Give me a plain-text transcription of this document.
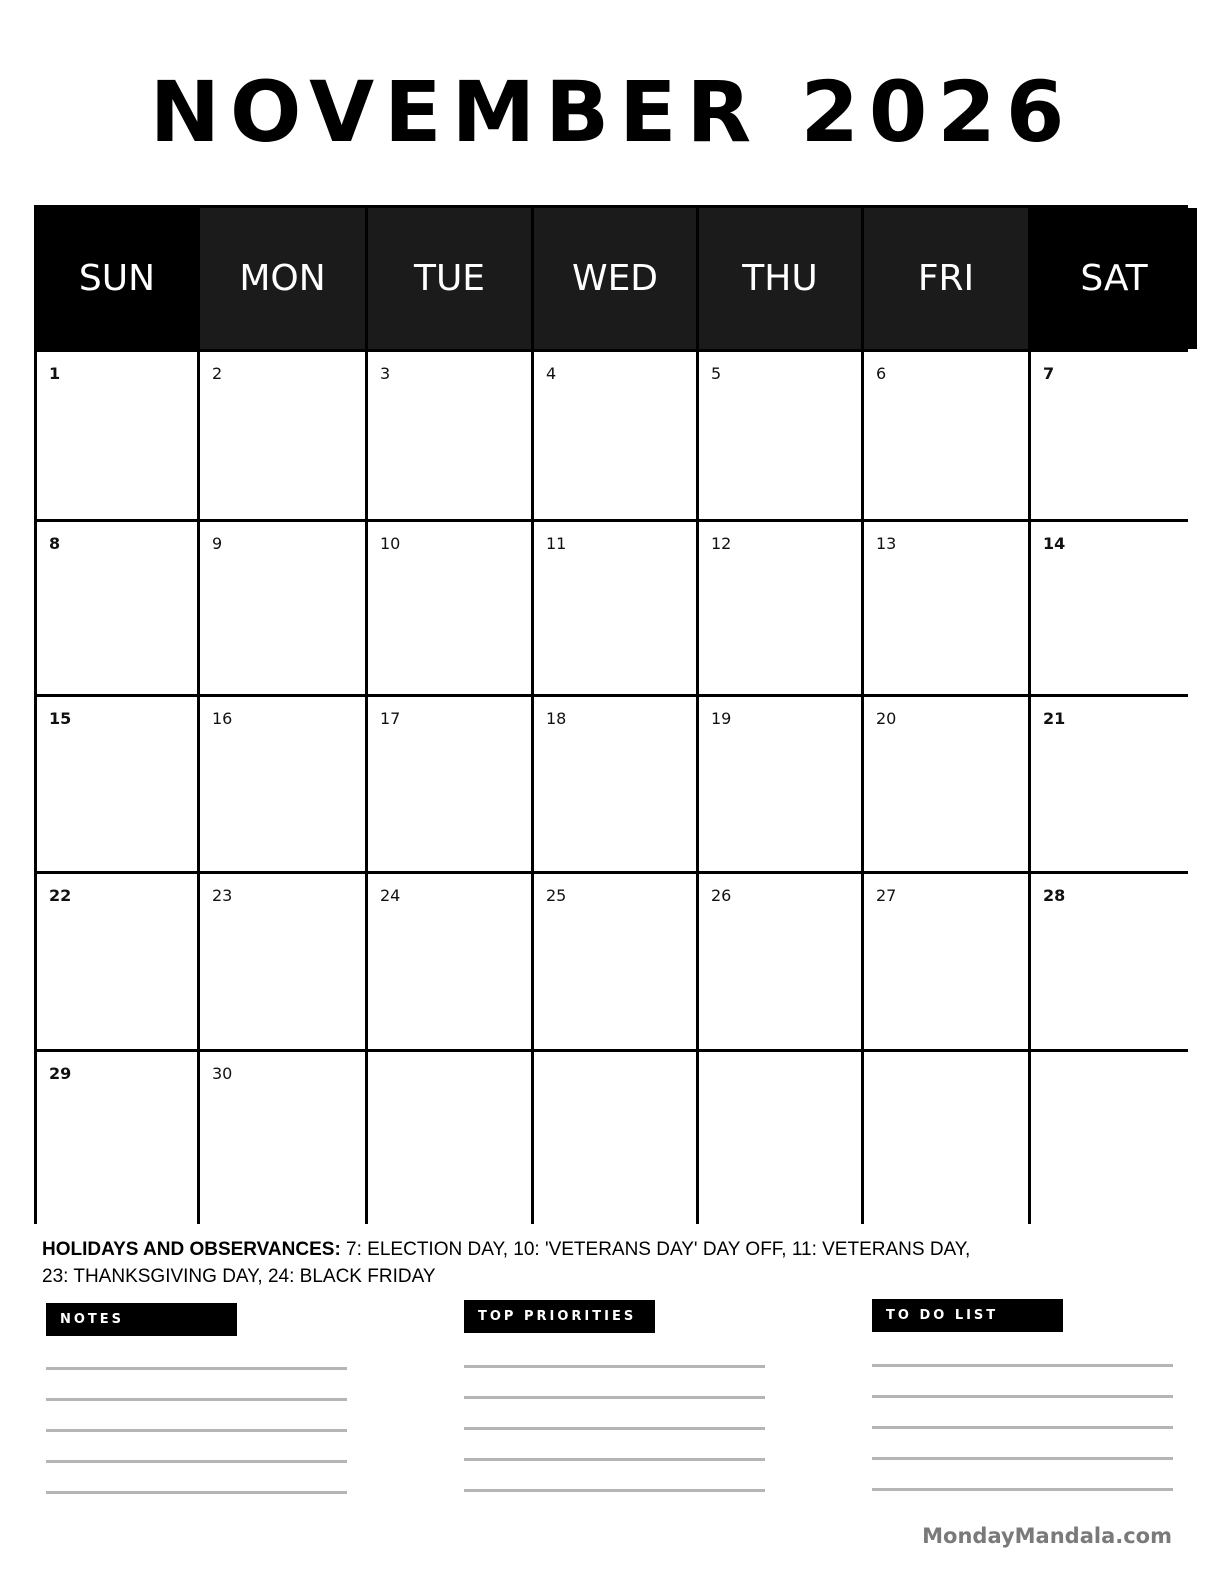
NOVEMBER 2026
SUN	MON	TUE	WED	THU	FRI	SAT
1	2	3	4	5	6	7
8	9	10	11	12	13	14
15	16	17	18	19	20	21
22	23	24	25	26	27	28
29	30
HOLIDAYS AND OBSERVANCES: 7: ELECTION DAY, 10: 'VETERANS DAY' DAY OFF, 11: VETERANS DAY,
23: THANKSGIVING DAY, 24: BLACK FRIDAY
NOTES	TOP PRIORITIES	TO DO LIST
MondayMandala.com
